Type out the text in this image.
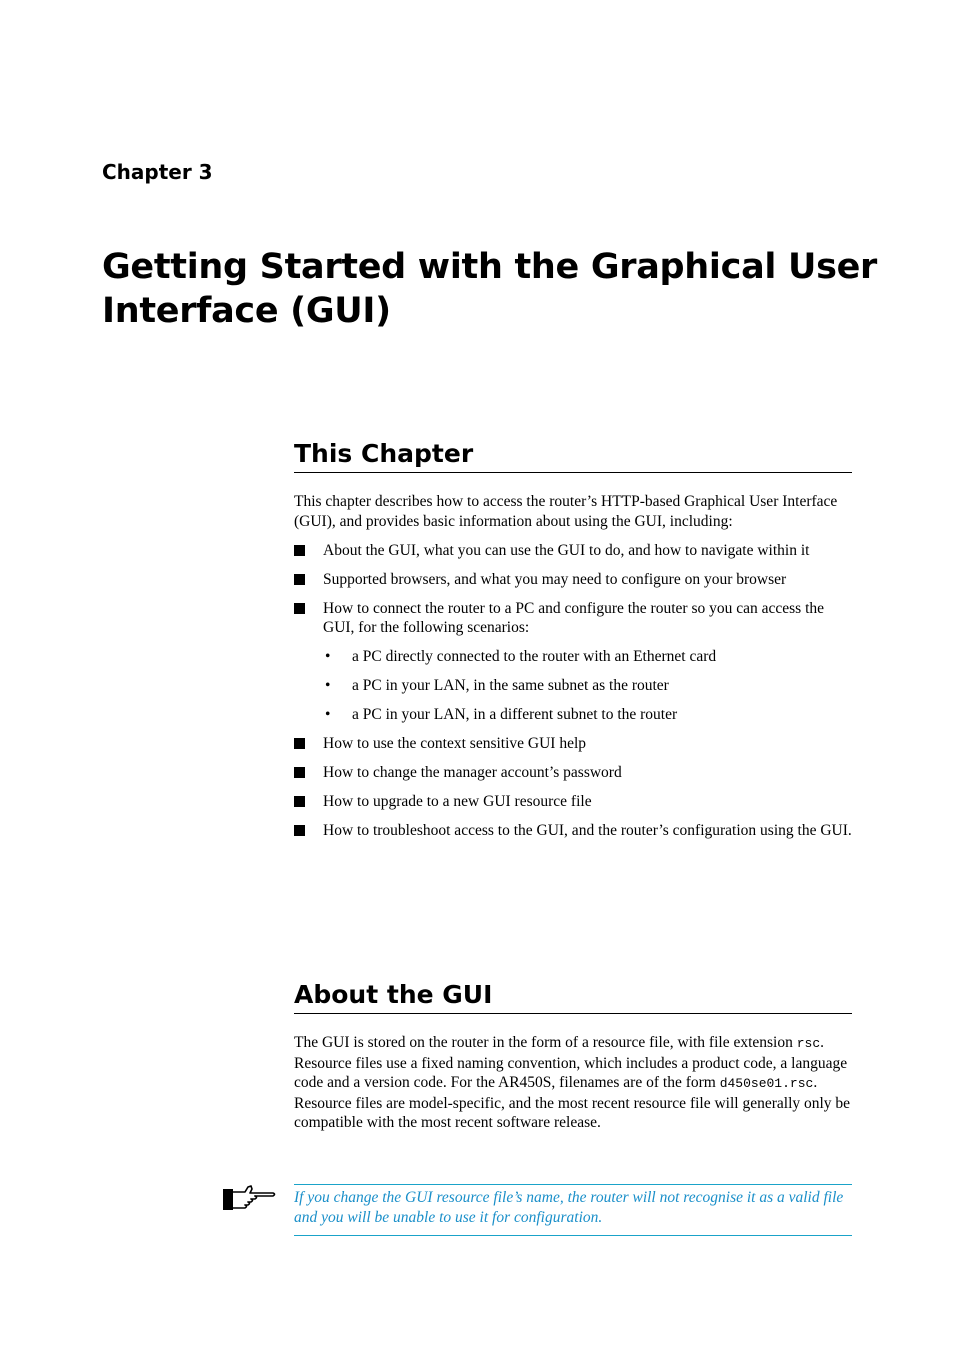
Chapter 3
Getting Started with the Graphical User Interface (GUI)
This Chapter

This chapter describes how to access the router’s HTTP-based Graphical User Interface (GUI), and provides basic information about using the GUI, including:

About the GUI, what you can use the GUI to do, and how to navigate within it
Supported browsers, and what you may need to configure on your browser
How to connect the router to a PC and configure the router so you can access the GUI, for the following scenarios:
• a PC directly connected to the router with an Ethernet card
• a PC in your LAN, in the same subnet as the router
• a PC in your LAN, in a different subnet to the router
How to use the context sensitive GUI help
How to change the manager account’s password
How to upgrade to a new GUI resource file
How to troubleshoot access to the GUI, and the router’s configuration using the GUI.
About the GUI

The GUI is stored on the router in the form of a resource file, with file extension rsc. Resource files use a fixed naming convention, which includes a product code, a language code and a version code. For the AR450S, filenames are of the form d450se01.rsc. Resource files are model-specific, and the most recent resource file will generally only be compatible with the most recent software release.

If you change the GUI resource file’s name, the router will not recognise it as a valid file and you will be unable to use it for configuration.
